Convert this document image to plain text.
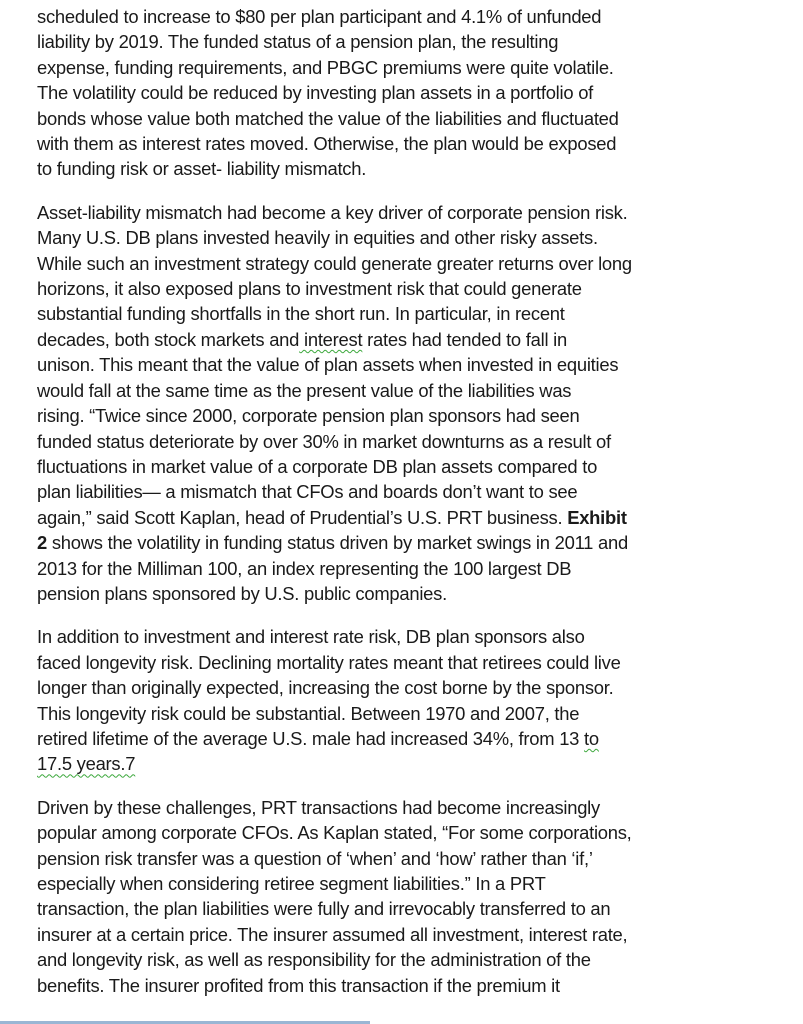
scheduled to increase to $80 per plan participant and 4.1% of unfunded
liability by 2019. The funded status of a pension plan, the resulting
expense, funding requirements, and PBGC premiums were quite volatile.
The volatility could be reduced by investing plan assets in a portfolio of
bonds whose value both matched the value of the liabilities and fluctuated
with them as interest rates moved. Otherwise, the plan would be exposed
to funding risk or asset- liability mismatch.

Asset-liability mismatch had become a key driver of corporate pension risk.
Many U.S. DB plans invested heavily in equities and other risky assets.
While such an investment strategy could generate greater returns over long
horizons, it also exposed plans to investment risk that could generate
substantial funding shortfalls in the short run. In particular, in recent
decades, both stock markets and interest rates had tended to fall in
unison. This meant that the value of plan assets when invested in equities
would fall at the same time as the present value of the liabilities was
rising. “Twice since 2000, corporate pension plan sponsors had seen
funded status deteriorate by over 30% in market downturns as a result of
fluctuations in market value of a corporate DB plan assets compared to
plan liabilities— a mismatch that CFOs and boards don’t want to see
again,” said Scott Kaplan, head of Prudential’s U.S. PRT business. Exhibit
2 shows the volatility in funding status driven by market swings in 2011 and
2013 for the Milliman 100, an index representing the 100 largest DB
pension plans sponsored by U.S. public companies.

In addition to investment and interest rate risk, DB plan sponsors also
faced longevity risk. Declining mortality rates meant that retirees could live
longer than originally expected, increasing the cost borne by the sponsor.
This longevity risk could be substantial. Between 1970 and 2007, the
retired lifetime of the average U.S. male had increased 34%, from 13 to
17.5 years.7

Driven by these challenges, PRT transactions had become increasingly
popular among corporate CFOs. As Kaplan stated, “For some corporations,
pension risk transfer was a question of ‘when’ and ‘how’ rather than ‘if,’
especially when considering retiree segment liabilities.” In a PRT
transaction, the plan liabilities were fully and irrevocably transferred to an
insurer at a certain price. The insurer assumed all investment, interest rate,
and longevity risk, as well as responsibility for the administration of the
benefits. The insurer profited from this transaction if the premium it
